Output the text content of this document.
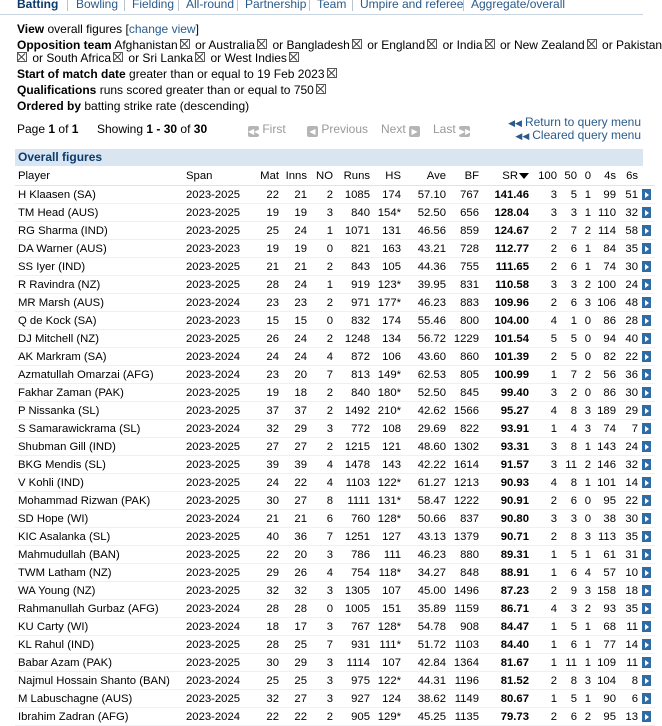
Batting Bowling Fielding All-round Partnership Team Umpire and referee Aggregate/overall
View overall figures [change view]
Opposition team Afghanistan or Australia or Bangladesh or England or India or New Zealand or Pakistan
or South Africa or Sri Lanka or West Indies
Start of match date greater than or equal to 19 Feb 2023
Qualifications runs scored greater than or equal to 750
Ordered by batting strike rate (descending)
Page 1 of 1 Showing 1 - 30 of 30	◀◀ First	◀ Previous Next ▶ Last ▶▶
◀◀ Return to query menu
◀◀ Cleared query menu
Overall figures
Player	Span	Mat	Inns	NO	Runs	HS	Ave	BF	SR	100	50	0	4s	6s	
H Klaasen (SA)	2023-2025	22	21	2	1085	174	57.10	767	141.46	3	5	1	99	51	
TM Head (AUS)	2023-2025	19	19	3	840	154*	52.50	656	128.04	3	3	1	110	32	
RG Sharma (IND)	2023-2025	25	24	1	1071	131	46.56	859	124.67	2	7	2	114	58	
DA Warner (AUS)	2023-2023	19	19	0	821	163	43.21	728	112.77	2	6	1	84	35	
SS Iyer (IND)	2023-2025	21	21	2	843	105	44.36	755	111.65	2	6	1	74	30	
R Ravindra (NZ)	2023-2025	28	24	1	919	123*	39.95	831	110.58	3	3	2	100	24	
MR Marsh (AUS)	2023-2024	23	23	2	971	177*	46.23	883	109.96	2	6	3	106	48	
Q de Kock (SA)	2023-2023	15	15	0	832	174	55.46	800	104.00	4	1	0	86	28	
DJ Mitchell (NZ)	2023-2025	26	24	2	1248	134	56.72	1229	101.54	5	5	0	94	40	
AK Markram (SA)	2023-2024	24	24	4	872	106	43.60	860	101.39	2	5	0	82	22	
Azmatullah Omarzai (AFG)	2023-2024	23	20	7	813	149*	62.53	805	100.99	1	7	2	56	36	
Fakhar Zaman (PAK)	2023-2025	19	18	2	840	180*	52.50	845	99.40	3	2	0	86	30	
P Nissanka (SL)	2023-2025	37	37	2	1492	210*	42.62	1566	95.27	4	8	3	189	29	
S Samarawickrama (SL)	2023-2024	32	29	3	772	108	29.69	822	93.91	1	4	3	74	7	
Shubman Gill (IND)	2023-2025	27	27	2	1215	121	48.60	1302	93.31	3	8	1	143	24	
BKG Mendis (SL)	2023-2025	39	39	4	1478	143	42.22	1614	91.57	3	11	2	146	32	
V Kohli (IND)	2023-2025	24	22	4	1103	122*	61.27	1213	90.93	4	8	1	101	14	
Mohammad Rizwan (PAK)	2023-2025	30	27	8	1111	131*	58.47	1222	90.91	2	6	0	95	22	
SD Hope (WI)	2023-2024	21	21	6	760	128*	50.66	837	90.80	3	3	0	38	30	
KIC Asalanka (SL)	2023-2025	40	36	7	1251	127	43.13	1379	90.71	2	8	3	113	35	
Mahmudullah (BAN)	2023-2025	22	20	3	786	111	46.23	880	89.31	1	5	1	61	31	
TWM Latham (NZ)	2023-2025	29	26	4	754	118*	34.27	848	88.91	1	6	4	57	10	
WA Young (NZ)	2023-2025	32	32	3	1305	107	45.00	1496	87.23	2	9	3	158	18	
Rahmanullah Gurbaz (AFG)	2023-2024	28	28	0	1005	151	35.89	1159	86.71	4	3	2	93	35	
KU Carty (WI)	2023-2024	18	17	3	767	128*	54.78	908	84.47	1	5	1	68	11	
KL Rahul (IND)	2023-2025	28	25	7	931	111*	51.72	1103	84.40	1	6	1	77	14	
Babar Azam (PAK)	2023-2025	30	29	3	1114	107	42.84	1364	81.67	1	11	1	109	11	
Najmul Hossain Shanto (BAN)	2023-2024	25	25	3	975	122*	44.31	1196	81.52	2	8	3	104	8	
M Labuschagne (AUS)	2023-2025	32	27	3	927	124	38.62	1149	80.67	1	5	1	90	6	
Ibrahim Zadran (AFG)	2023-2024	22	22	2	905	129*	45.25	1135	79.73	2	6	2	95	13	
